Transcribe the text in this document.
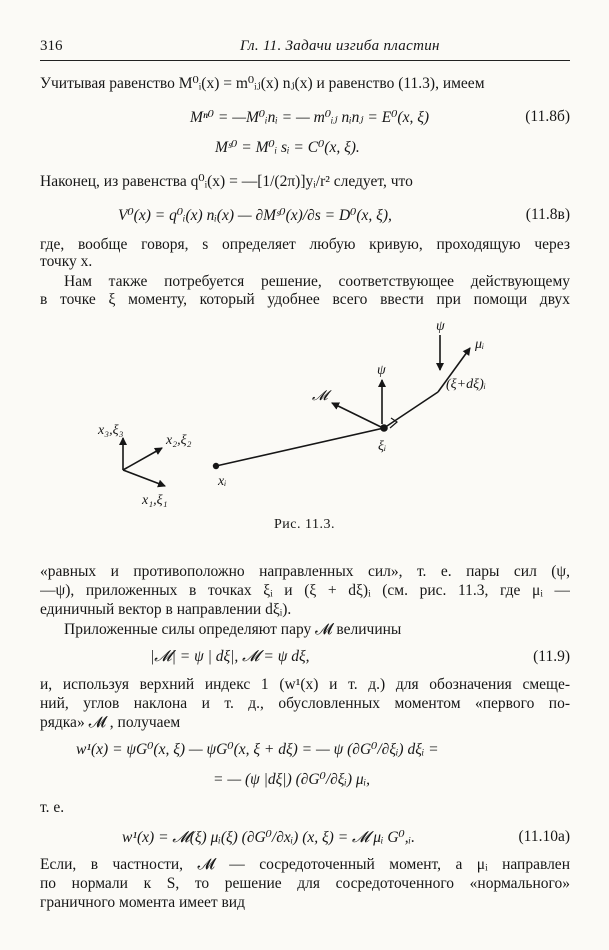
316	Гл. 11. Задачи изгиба пластин
Учитывая равенство M⁰ᵢ(x) = m⁰ᵢⱼ(x) nⱼ(x) и равенство (11.3), имеем
Mⁿ⁰ = —M⁰ᵢnᵢ = — m⁰ᵢⱼ nᵢnⱼ = E⁰(x, ξ)	(11.8б)
Mˢ⁰ = M⁰ᵢ sᵢ = C⁰(x, ξ).
Наконец, из равенства q⁰ᵢ(x) = —[1/(2π)]yᵢ/r² следует, что
V⁰(x) = q⁰ᵢ(x) nᵢ(x) — ∂Mˢ⁰(x)/∂s = D⁰(x, ξ),	(11.8в)
где, вообще говоря, s определяет любую кривую, проходящую через
точку x.
Нам также потребуется решение, соответствующее действующему
в точке ξ моменту, который удобнее всего ввести при помощи двух
ψ
μᵢ
(ξ+dξ)ᵢ
ψ
𝓜
ξᵢ
x₃,ξ₃
x₂,ξ₂
x₁,ξ₁
xᵢ
Рис. 11.3.
«равных и противоположно направленных сил», т. е. пары сил (ψ,
—ψ), приложенных в точках ξᵢ и (ξ + dξ)ᵢ (см. рис. 11.3, где μᵢ —
единичный вектор в направлении dξᵢ).
Приложенные силы определяют пару 𝓜 величины
|𝓜| = ψ | dξ|, 𝓜 = ψ dξ,	(11.9)
и, используя верхний индекс 1 (w¹(x) и т. д.) для обозначения смеще-
ний, углов наклона и т. д., обусловленных моментом «первого по-
рядка» 𝓜 , получаем
w¹(x) = ψG⁰(x, ξ) — ψG⁰(x, ξ + dξ) = — ψ (∂G⁰/∂ξᵢ) dξᵢ =
= — (ψ |dξ|) (∂G⁰/∂ξᵢ) μᵢ,
т. е.
w¹(x) = 𝓜(ξ) μᵢ(ξ) (∂G⁰/∂xᵢ) (x, ξ) = 𝓜 μᵢ G⁰,ᵢ.	(11.10a)
Если, в частности, 𝓜 — сосредоточенный момент, а μᵢ направлен
по нормали к S, то решение для сосредоточенного «нормального»
граничного момента имеет вид
